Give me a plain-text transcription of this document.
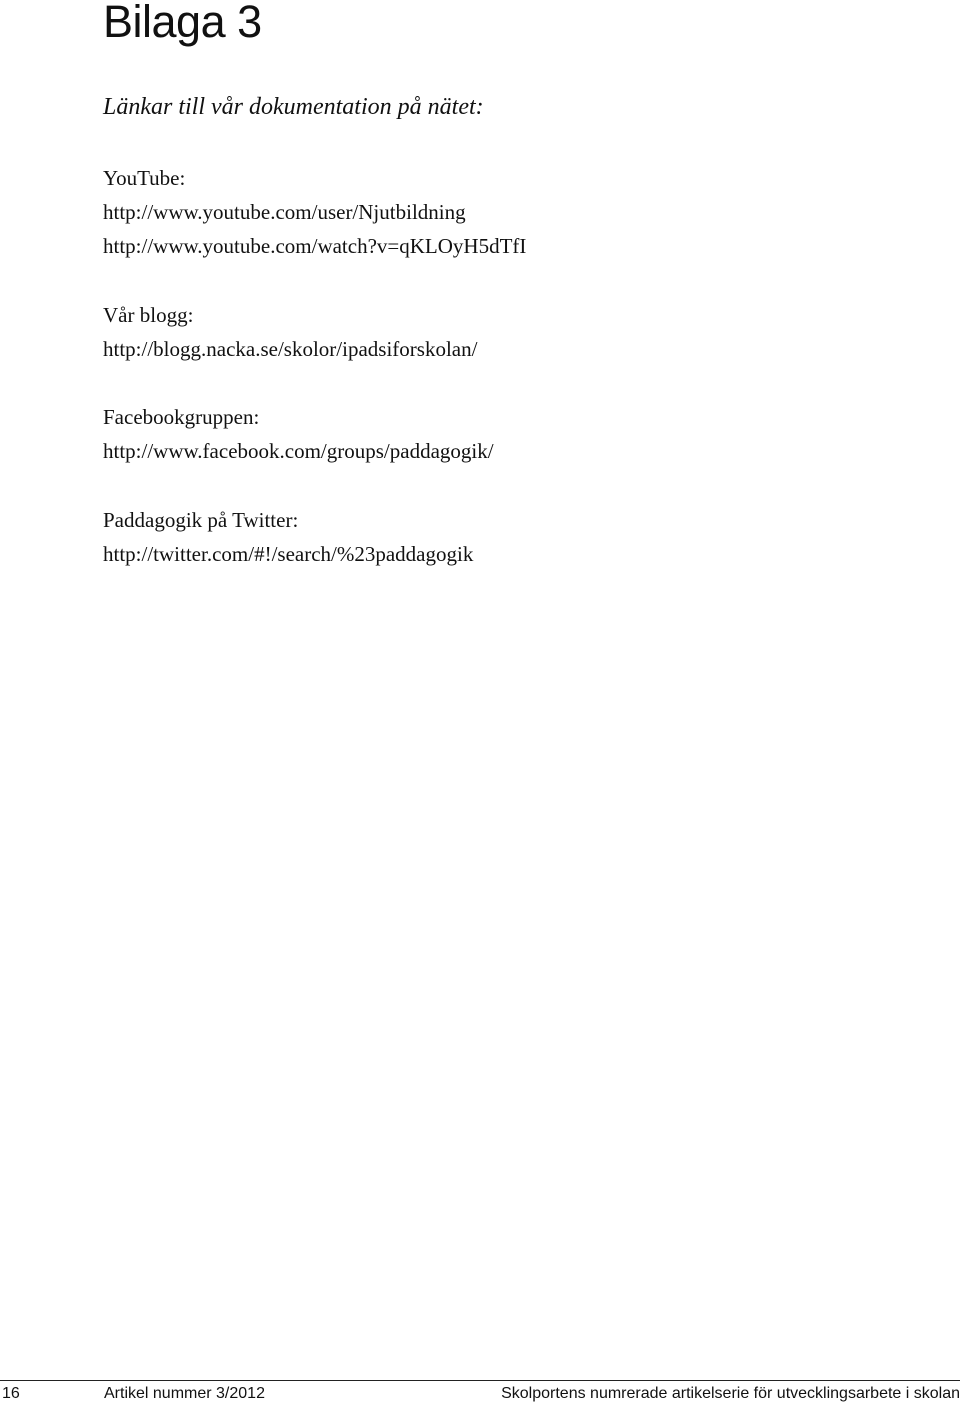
Bilaga 3

Länkar till vår dokumentation på nätet:

YouTube:
http://www.youtube.com/user/Njutbildning
http://www.youtube.com/watch?v=qKLOyH5dTfI
Vår blogg:
http://blogg.nacka.se/skolor/ipadsiforskolan/
Facebookgruppen:
http://www.facebook.com/groups/paddagogik/
Paddagogik på Twitter:
http://twitter.com/#!/search/%23paddagogik
16	Artikel nummer 3/2012	Skolportens numrerade artikelserie för utvecklingsarbete i skolan
